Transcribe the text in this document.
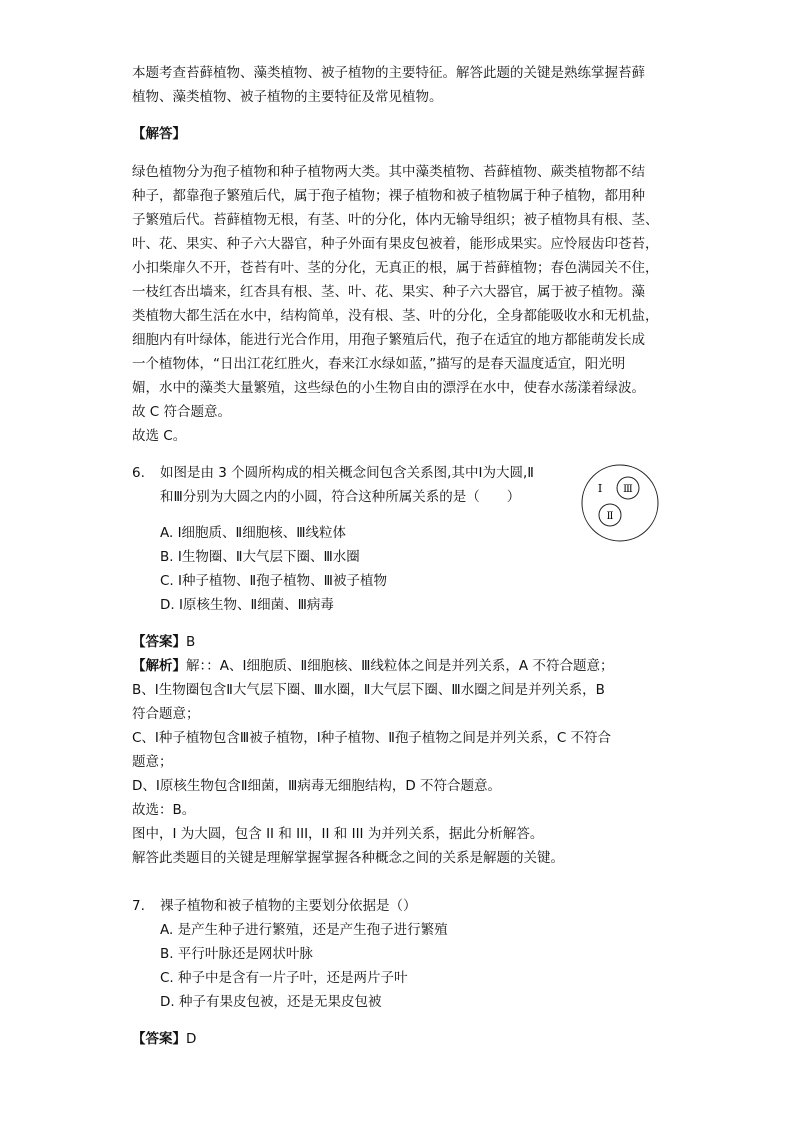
本题考查苔藓植物、藻类植物、被子植物的主要特征。解答此题的关键是熟练掌握苔藓
植物、藻类植物、被子植物的主要特征及常见植物。
【解答】
绿色植物分为孢子植物和种子植物两大类。其中藻类植物、苔藓植物、蕨类植物都不结
种子，都靠孢子繁殖后代，属于孢子植物；裸子植物和被子植物属于种子植物，都用种
子繁殖后代。苔藓植物无根，有茎、叶的分化，体内无输导组织；被子植物具有根、茎、
叶、花、果实、种子六大器官，种子外面有果皮包被着，能形成果实。应怜屐齿印苍苔，
小扣柴扉久不开，苍苔有叶、茎的分化，无真正的根，属于苔藓植物；春色满园关不住，
一枝红杏出墙来，红杏具有根、茎、叶、花、果实、种子六大器官，属于被子植物。藻
类植物大都生活在水中，结构简单，没有根、茎、叶的分化，全身都能吸收水和无机盐，
细胞内有叶绿体，能进行光合作用，用孢子繁殖后代，孢子在适宜的地方都能萌发长成
一个植物体，“日出江花红胜火，春来江水绿如蓝，”描写的是春天温度适宜，阳光明
媚，水中的藻类大量繁殖，这些绿色的小生物自由的漂浮在水中，使春水荡漾着绿波。
故 C 符合题意。
故选 C。
6. 如图是由 3 个圆所构成的相关概念间包含关系图,其中Ⅰ为大圆,Ⅱ
和Ⅲ分别为大圆之内的小圆，符合这种所属关系的是（　　）
Ⅰ Ⅲ
Ⅱ
A. Ⅰ细胞质、Ⅱ细胞核、Ⅲ线粒体
B. Ⅰ生物圈、Ⅱ大气层下圈、Ⅲ水圈
C. Ⅰ种子植物、Ⅱ孢子植物、Ⅲ被子植物
D. Ⅰ原核生物、Ⅱ细菌、Ⅲ病毒
【答案】B
【解析】解：：A、Ⅰ细胞质、Ⅱ细胞核、Ⅲ线粒体之间是并列关系，A 不符合题意；
B、Ⅰ生物圈包含Ⅱ大气层下圈、Ⅲ水圈，Ⅱ大气层下圈、Ⅲ水圈之间是并列关系，B
符合题意；
C、Ⅰ种子植物包含Ⅲ被子植物，Ⅰ种子植物、Ⅱ孢子植物之间是并列关系，C 不符合
题意；
D、Ⅰ原核生物包含Ⅱ细菌，Ⅲ病毒无细胞结构，D 不符合题意。
故选：B。
图中，I 为大圆，包含 II 和 III，II 和 III 为并列关系，据此分析解答。
解答此类题目的关键是理解掌握掌握各种概念之间的关系是解题的关键。
7. 裸子植物和被子植物的主要划分依据是（）
A. 是产生种子进行繁殖，还是产生孢子进行繁殖
B. 平行叶脉还是网状叶脉
C. 种子中是含有一片子叶，还是两片子叶
D. 种子有果皮包被，还是无果皮包被
【答案】D
